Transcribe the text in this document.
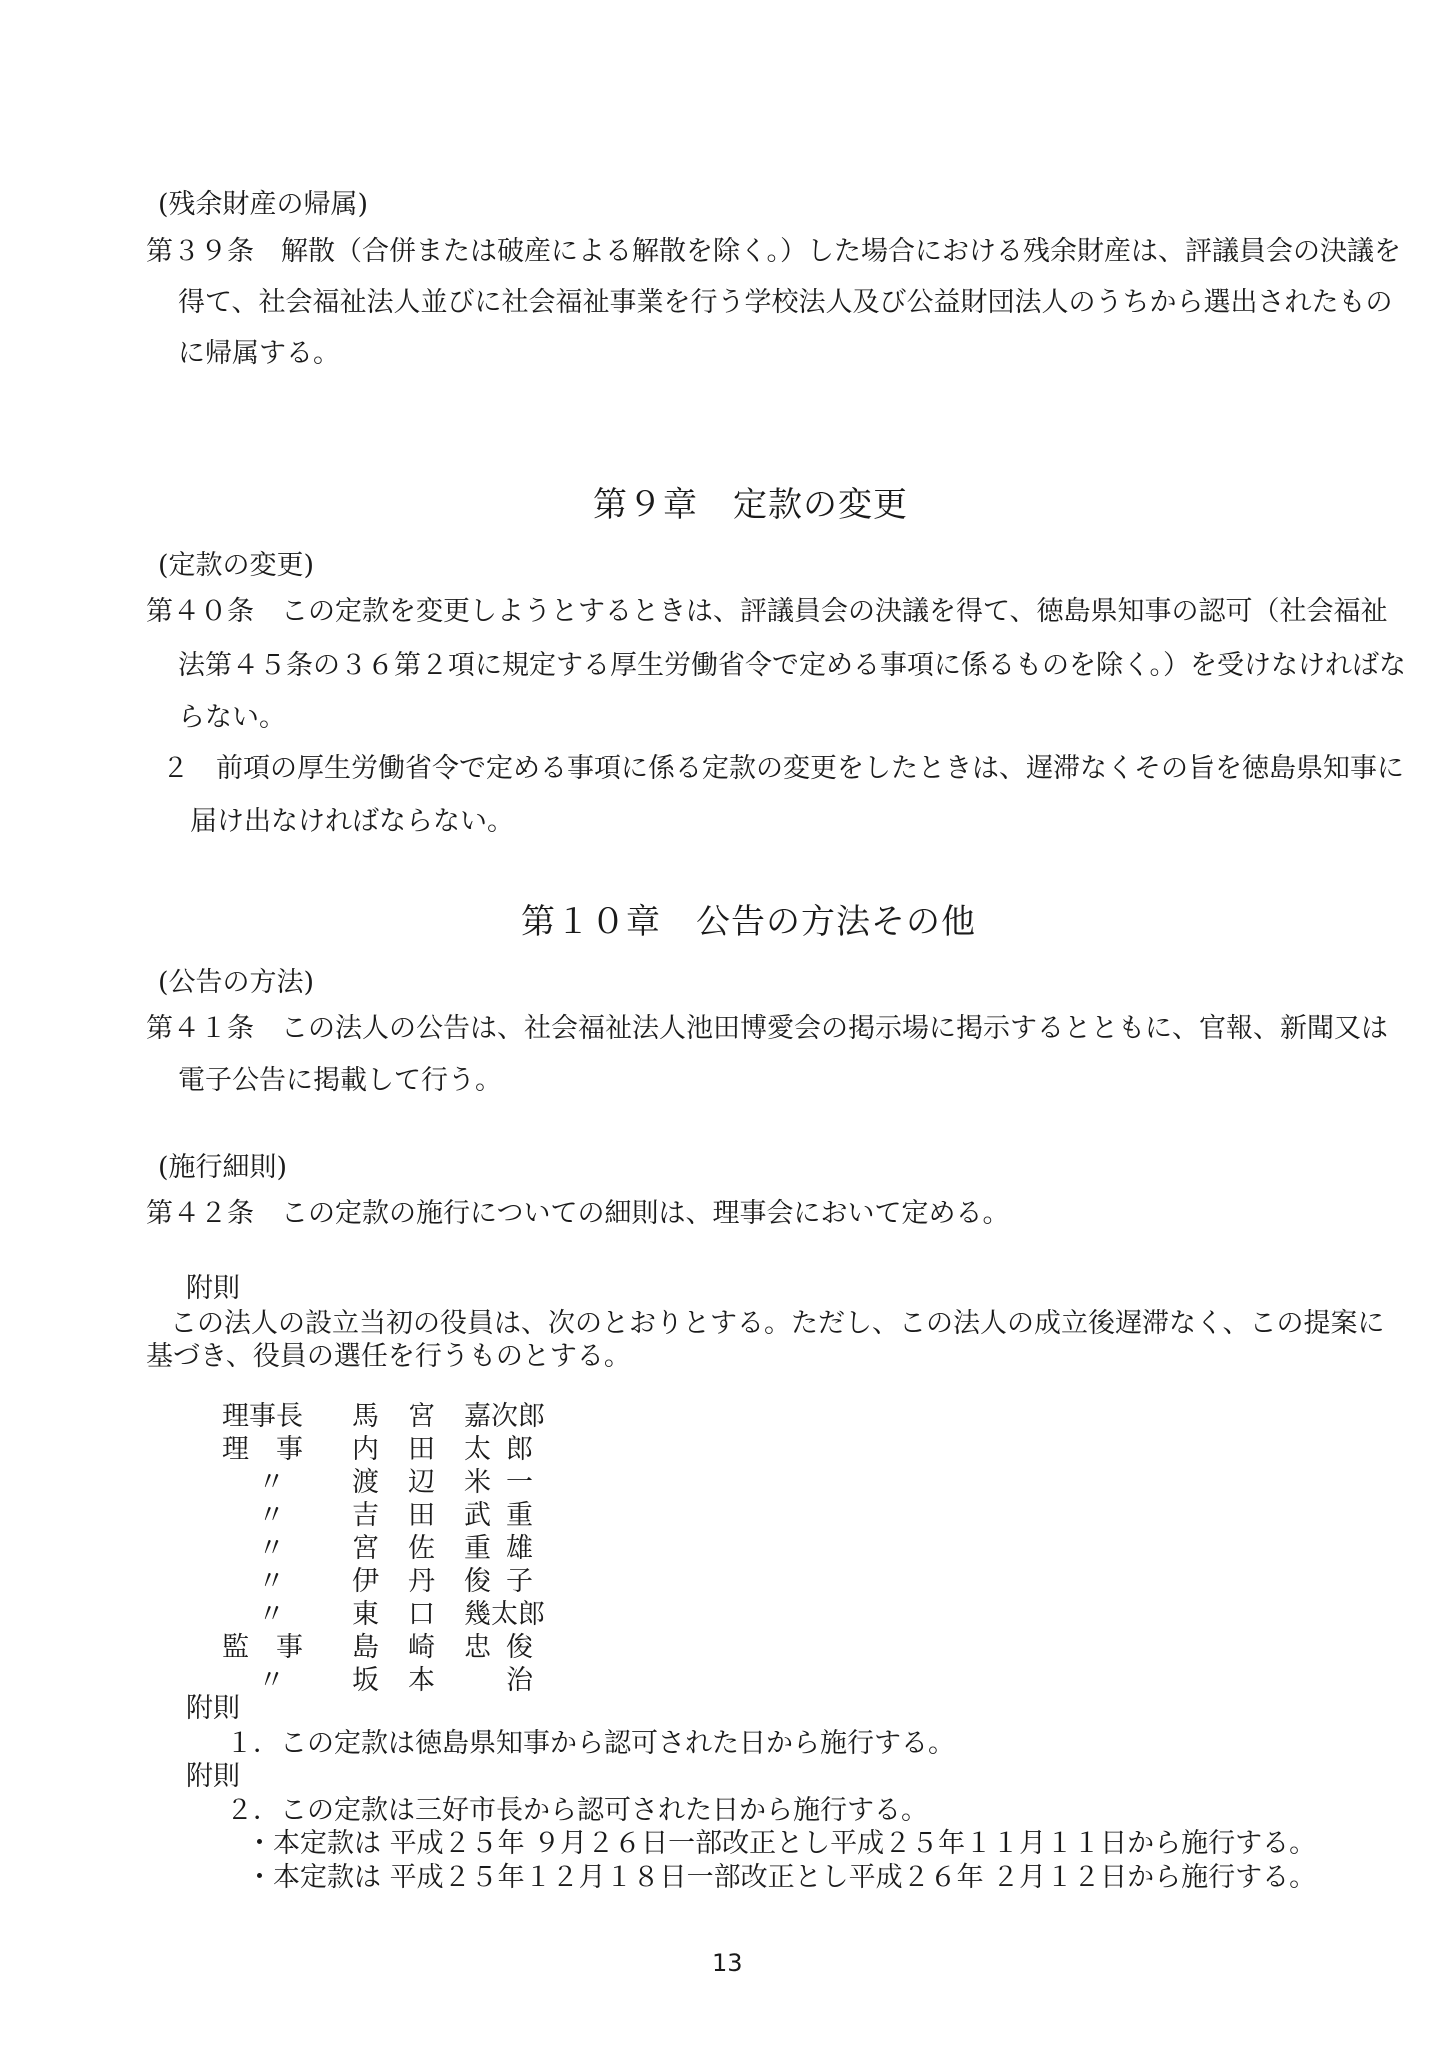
(残余財産の帰属)
第３９条　解散（合併または破産による解散を除く。）した場合における残余財産は、評議員会の決議を
得て、社会福祉法人並びに社会福祉事業を行う学校法人及び公益財団法人のうちから選出されたもの
に帰属する。
第９章　定款の変更
(定款の変更)
第４０条　この定款を変更しようとするときは、評議員会の決議を得て、徳島県知事の認可（社会福祉
法第４５条の３６第２項に規定する厚生労働省令で定める事項に係るものを除く。）を受けなければな
らない。
２　前項の厚生労働省令で定める事項に係る定款の変更をしたときは、遅滞なくその旨を徳島県知事に
届け出なければならない。
第１０章　公告の方法その他
(公告の方法)
第４１条　この法人の公告は、社会福祉法人池田博愛会の掲示場に掲示するとともに、官報、新聞又は
電子公告に掲載して行う。
(施行細則)
第４２条　この定款の施行についての細則は、理事会において定める。
附則
この法人の設立当初の役員は、次のとおりとする。ただし、この法人の成立後遅滞なく、この提案に
基づき、役員の選任を行うものとする。
理事長 馬 宮 嘉次郎
理　事 内 田 太 郎
〃 渡 辺 米 一
〃 吉 田 武 重
〃 宮 佐 重 雄
〃 伊 丹 俊 子
〃 東 口 幾太郎
監　事 島 崎 忠 俊
〃 坂 本	治
附則
１．この定款は徳島県知事から認可された日から施行する。
附則
２．この定款は三好市長から認可された日から施行する。
・本定款は 平成２５年 ９月２６日一部改正とし平成２５年１１月１１日から施行する。
・本定款は 平成２５年１２月１８日一部改正とし平成２６年 ２月１２日から施行する。
13
